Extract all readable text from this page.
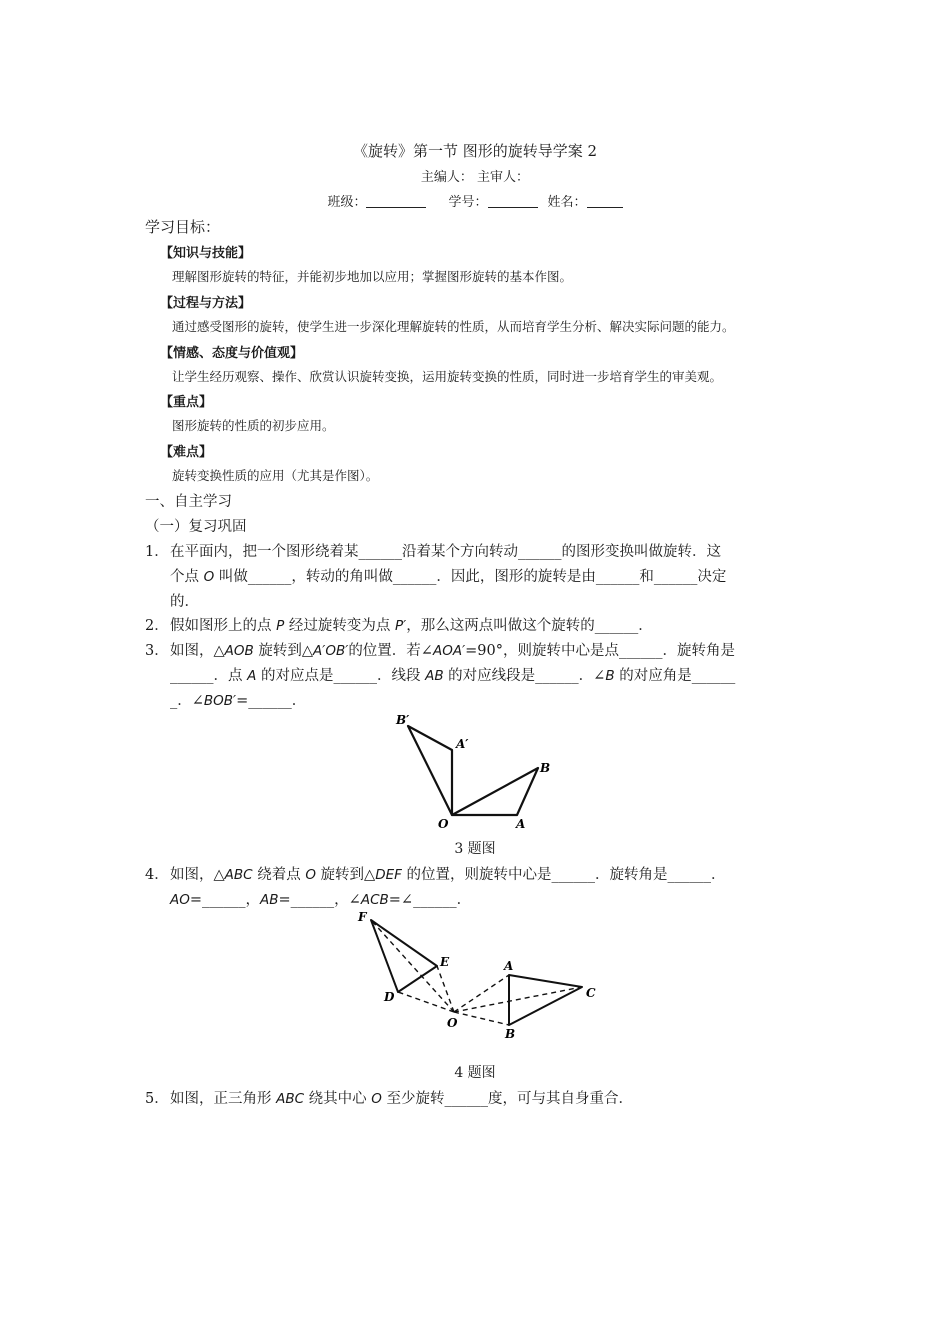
《旋转》第一节 图形的旋转导学案 2
主编人： 主审人：
班级：	学号：	姓名：
学习目标：
【知识与技能】
理解图形旋转的特征，并能初步地加以应用；掌握图形旋转的基本作图。
【过程与方法】
通过感受图形的旋转，使学生进一步深化理解旋转的性质，从而培育学生分析、解决实际问题的能力。
【情感、态度与价值观】
让学生经历观察、操作、欣赏认识旋转变换，运用旋转变换的性质，同时进一步培育学生的审美观。
【重点】
图形旋转的性质的初步应用。
【难点】
旋转变换性质的应用（尤其是作图）。
一、自主学习
（一）复习巩固
1． 在平面内，把一个图形绕着某______沿着某个方向转动______的图形变换叫做旋转．这
个点 O 叫做______，转动的角叫做______．因此，图形的旋转是由______和______决定
的．
2． 假如图形上的点 P 经过旋转变为点 P′，那么这两点叫做这个旋转的______．
3． 如图，△AOB 旋转到△A′OB′的位置．若∠AOA′=90°，则旋转中心是点______．旋转角是
______．点 A 的对应点是______．线段 AB 的对应线段是______．∠B 的对应角是______
_．∠BOB′=______．
B′
A′
B
O	A
3 题图
4． 如图，△ABC 绕着点 O 旋转到△DEF 的位置，则旋转中心是______．旋转角是______．
AO=______，AB=______，∠ACB=∠______．
F
E
D
A
C
O
B
4 题图
5． 如图，正三角形 ABC 绕其中心 O 至少旋转______度，可与其自身重合．
